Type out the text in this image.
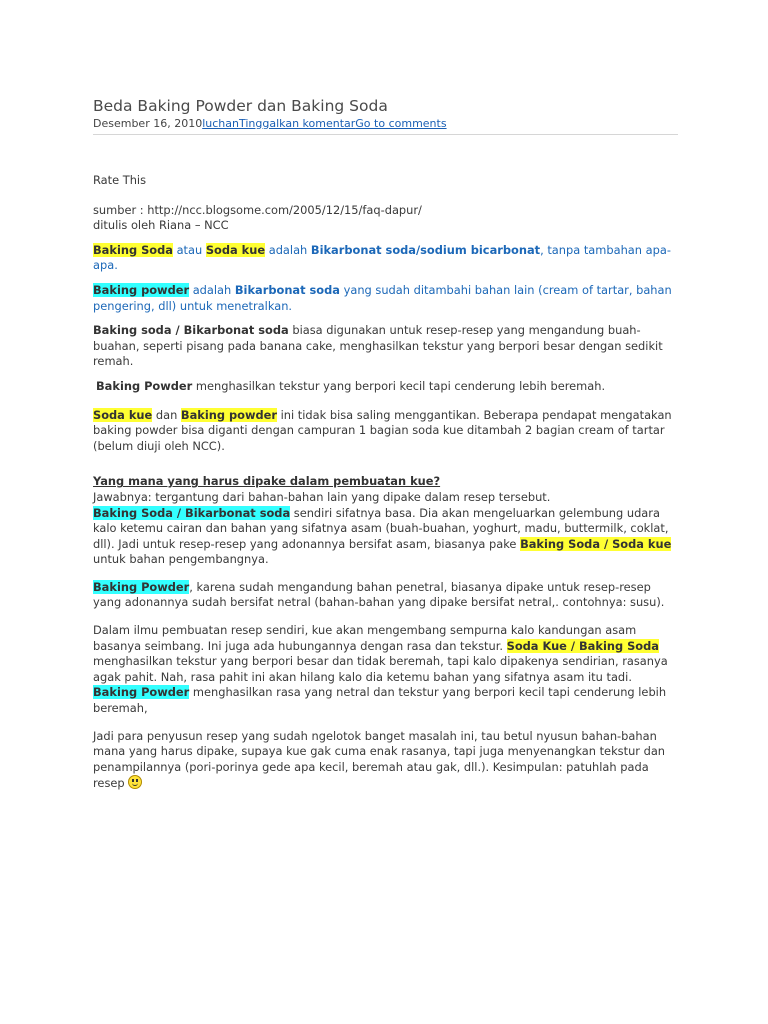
Beda Baking Powder dan Baking Soda
Desember 16, 2010luchanTinggalkan komentarGo to comments
Rate This
sumber : http://ncc.blogsome.com/2005/12/15/faq-dapur/
ditulis oleh Riana – NCC

Baking Soda atau Soda kue adalah Bikarbonat soda/sodium bicarbonat, tanpa tambahan apa-apa.

Baking powder adalah Bikarbonat soda yang sudah ditambahi bahan lain (cream of tartar, bahan pengering, dll) untuk menetralkan.

Baking soda / Bikarbonat soda biasa digunakan untuk resep-resep yang mengandung buah-buahan, seperti pisang pada banana cake, menghasilkan tekstur yang berpori besar dengan sedikit remah.

Baking Powder menghasilkan tekstur yang berpori kecil tapi cenderung lebih beremah.

Soda kue dan Baking powder ini tidak bisa saling menggantikan. Beberapa pendapat mengatakan baking powder bisa diganti dengan campuran 1 bagian soda kue ditambah 2 bagian cream of tartar (belum diuji oleh NCC).

Yang mana yang harus dipake dalam pembuatan kue?
Jawabnya: tergantung dari bahan-bahan lain yang dipake dalam resep tersebut.
Baking Soda / Bikarbonat soda sendiri sifatnya basa. Dia akan mengeluarkan gelembung udara kalo ketemu cairan dan bahan yang sifatnya asam (buah-buahan, yoghurt, madu, buttermilk, coklat, dll). Jadi untuk resep-resep yang adonannya bersifat asam, biasanya pake Baking Soda / Soda kue untuk bahan pengembangnya.

Baking Powder, karena sudah mengandung bahan penetral, biasanya dipake untuk resep-resep yang adonannya sudah bersifat netral (bahan-bahan yang dipake bersifat netral,. contohnya: susu).

Dalam ilmu pembuatan resep sendiri, kue akan mengembang sempurna kalo kandungan asam basanya seimbang. Ini juga ada hubungannya dengan rasa dan tekstur. Soda Kue / Baking Soda menghasilkan tekstur yang berpori besar dan tidak beremah, tapi kalo dipakenya sendirian, rasanya agak pahit. Nah, rasa pahit ini akan hilang kalo dia ketemu bahan yang sifatnya asam itu tadi. Baking Powder menghasilkan rasa yang netral dan tekstur yang berpori kecil tapi cenderung lebih beremah,

Jadi para penyusun resep yang sudah ngelotok banget masalah ini, tau betul nyusun bahan-bahan mana yang harus dipake, supaya kue gak cuma enak rasanya, tapi juga menyenangkan tekstur dan penampilannya (pori-porinya gede apa kecil, beremah atau gak, dll.). Kesimpulan: patuhlah pada resep
